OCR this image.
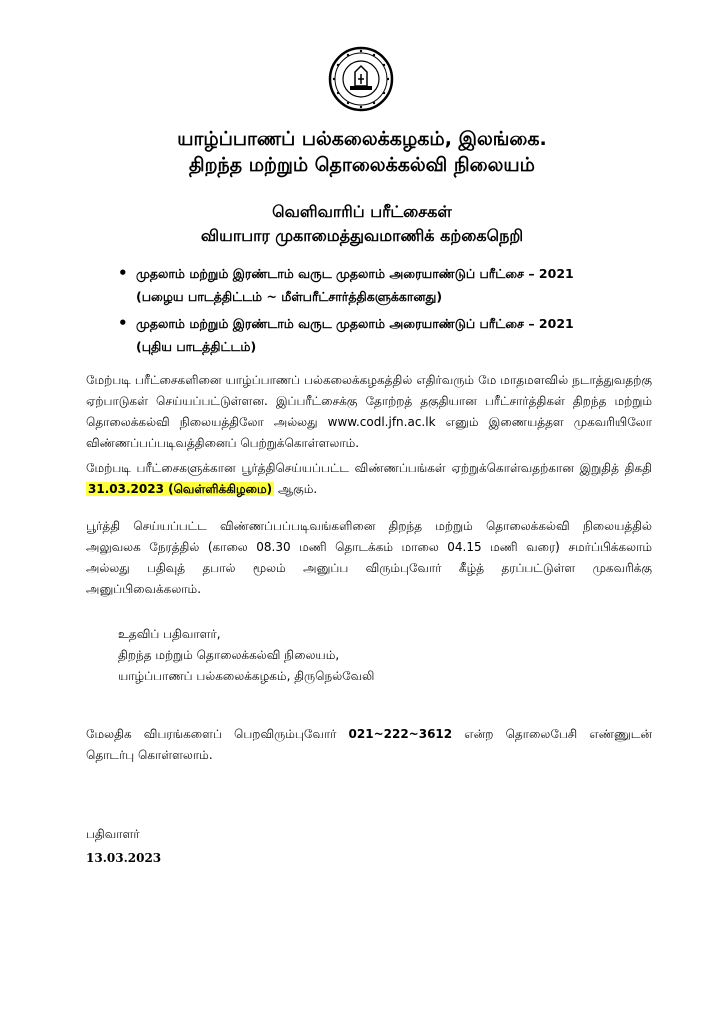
யாழ்ப்பாணப் பல்கலைக்கழகம், இலங்கை.
திறந்த மற்றும் தொலைக்கல்வி நிலையம்
வெளிவாரிப் பரீட்சைகள்
வியாபார முகாமைத்துவமாணிக் கற்கைநெறி
• முதலாம் மற்றும் இரண்டாம் வருட முதலாம் அரையாண்டுப் பரீட்சை – 2021
(பழைய பாடத்திட்டம் ~ மீள்பரீட்சார்த்திகளுக்கானது)
• முதலாம் மற்றும் இரண்டாம் வருட முதலாம் அரையாண்டுப் பரீட்சை – 2021
(புதிய பாடத்திட்டம்)
மேற்படி பரீட்சைகளினை யாழ்ப்பாணப் பல்கலைக்கழகத்தில் எதிர்வரும் மே மாதமளவில் நடாத்துவதற்கு ஏற்பாடுகள் செய்யப்பட்டுள்ளன. இப்பரீட்சைக்கு தோற்றத் தகுதியான பரீட்சார்த்திகள் திறந்த மற்றும் தொலைக்கல்வி நிலையத்திலோ அல்லது www.codl.jfn.ac.lk எனும் இணையத்தள முகவரியிலோ விண்ணப்பப்படிவத்தினைப் பெற்றுக்கொள்ளலாம்.
மேற்படி பரீட்சைகளுக்கான பூர்த்திசெய்யப்பட்ட விண்ணப்பங்கள் ஏற்றுக்கொள்வதற்கான இறுதித் திகதி 31.03.2023 (வெள்ளிக்கிழமை) ஆகும்.
பூர்த்தி செய்யப்பட்ட விண்ணப்பப்படிவங்களினை திறந்த மற்றும் தொலைக்கல்வி நிலையத்தில் அலுவலக நேரத்தில் (காலை 08.30 மணி தொடக்கம் மாலை 04.15 மணி வரை) சமர்ப்பிக்கலாம் அல்லது பதிவுத் தபால் மூலம் அனுப்ப விரும்புவோர் கீழ்த் தரப்பட்டுள்ள முகவரிக்கு அனுப்பிவைக்கலாம்.
உதவிப் பதிவாளர்,
திறந்த மற்றும் தொலைக்கல்வி நிலையம்,
யாழ்ப்பாணப் பல்கலைக்கழகம், திருநெல்வேலி
மேலதிக விபரங்களைப் பெறவிரும்புவோர் 021~222~3612 என்ற தொலைபேசி எண்ணுடன் தொடர்பு கொள்ளலாம்.
பதிவாளர்
13.03.2023
